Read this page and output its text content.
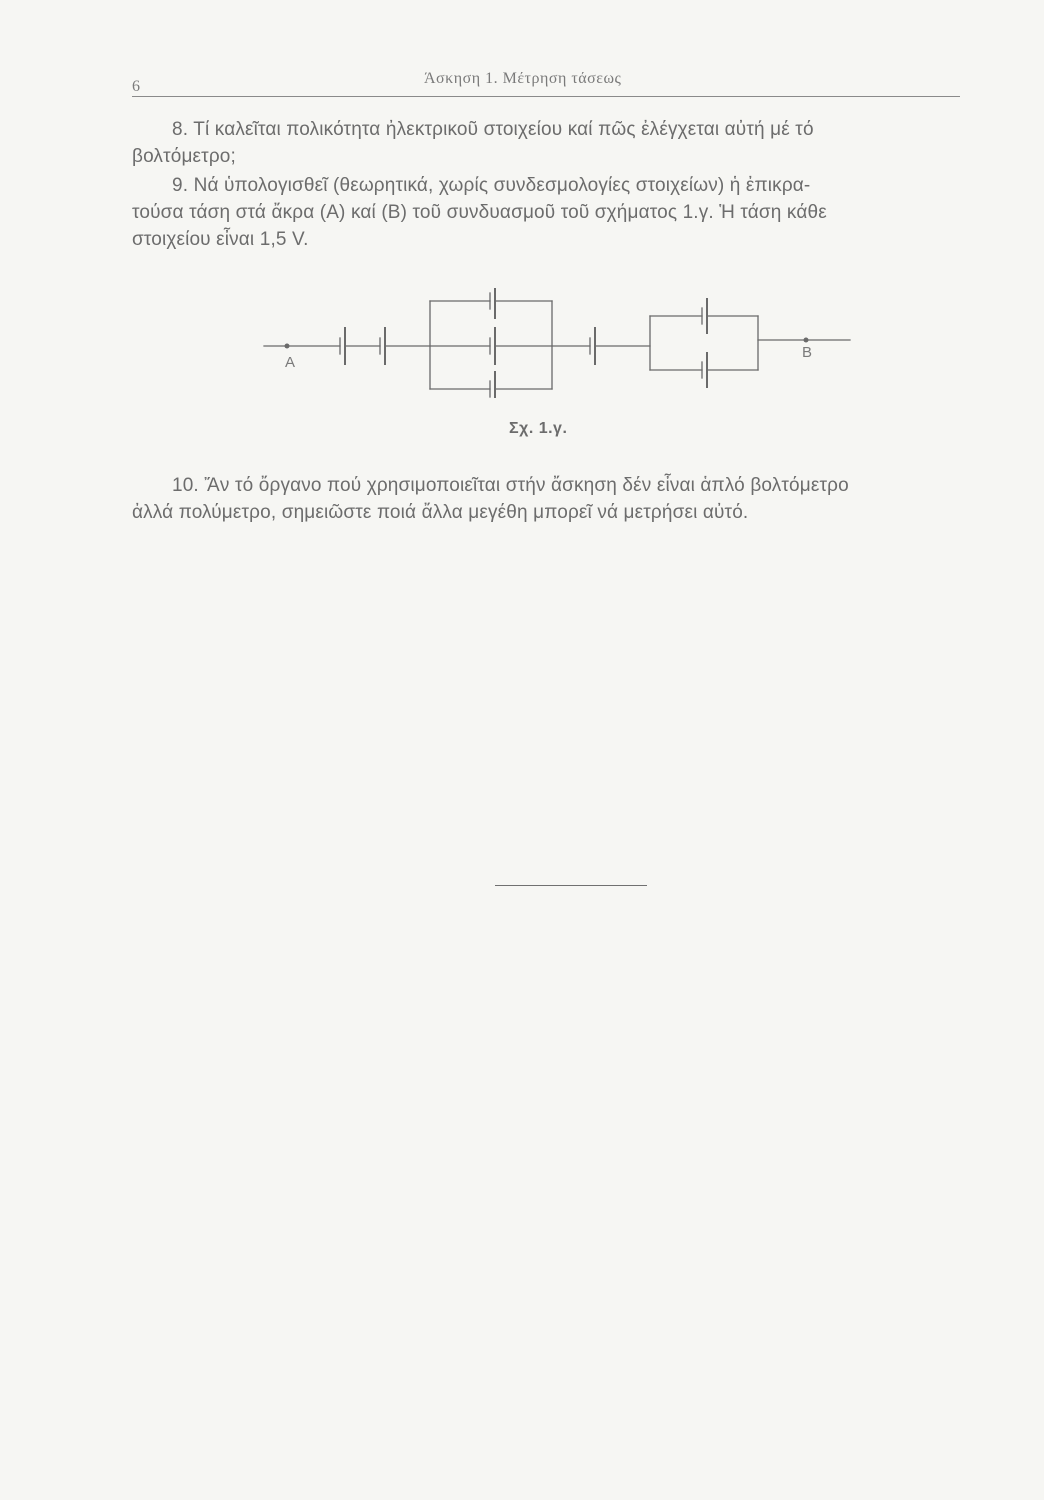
6	Άσκηση 1. Μέτρηση τάσεως
8. Τί καλεῖται πολικότητα ἠλεκτρικοῦ στοιχείου καί πῶς ἐλέγχεται αὐτή μέ τό
βολτόμετρο;
9. Νά ὑπολογισθεῖ (θεωρητικά, χωρίς συνδεσμολογίες στοιχείων) ἡ ἐπικρα-
τούσα τάση στά ἄκρα (Α) καί (Β) τοῦ συνδυασμοῦ τοῦ σχήματος 1.γ. Ἡ τάση κάθε
στοιχείου εἶναι 1,5 V.
Α
Β
Σχ. 1.γ.
10. Ἄν τό ὄργανο πού χρησιμοποιεῖται στήν ἄσκηση δέν εἶναι ἁπλό βολτόμετρο
ἀλλά πολύμετρο, σημειῶστε ποιά ἄλλα μεγέθη μπορεῖ νά μετρήσει αὐτό.
